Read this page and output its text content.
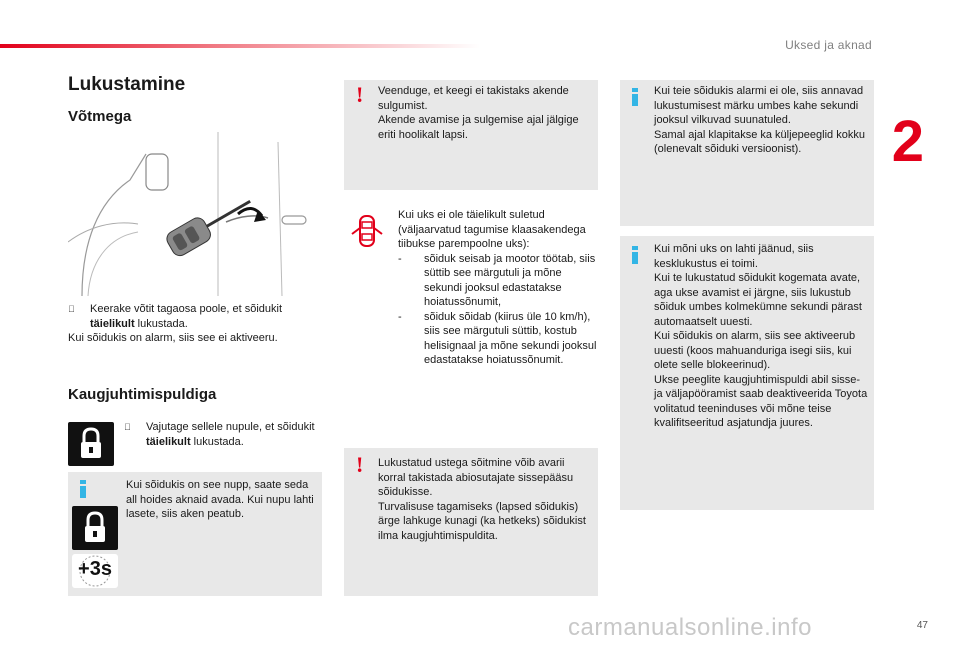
Uksed ja aknad
2
Lukustamine
Võtmega
Keerake võtit tagaosa poole, et sõidukit täielikult lukustada.
Kui sõidukis on alarm, siis see ei aktiveeru.
Kaugjuhtimispuldiga
Vajutage sellele nupule, et sõidukit täielikult lukustada.
+3s
Kui sõidukis on see nupp, saate seda all hoides aknaid avada. Kui nupu lahti lasete, siis aken peatub.
! Veenduge, et keegi ei takistaks akende sulgumist.
Akende avamise ja sulgemise ajal jälgige eriti hoolikalt lapsi.
Kui uks ei ole täielikult suletud (väljaarvatud tagumise klaasakendega tiibukse parempoolne uks):
- sõiduk seisab ja mootor töötab, siis süttib see märgutuli ja mõne sekundi jooksul edastatakse hoiatussõnumit,
- sõiduk sõidab (kiirus üle 10 km/h), siis see märgutuli süttib, kostub helisignaal ja mõne sekundi jooksul edastatakse hoiatussõnumit.
! Lukustatud ustega sõitmine võib avarii korral takistada abiosutajate sissepääsu sõidukisse.
Turvalisuse tagamiseks (lapsed sõidukis) ärge lahkuge kunagi (ka hetkeks) sõidukist ilma kaugjuhtimispuldita.
Kui teie sõidukis alarmi ei ole, siis annavad lukustumisest märku umbes kahe sekundi jooksul vilkuvad suunatuled.
Samal ajal klapitakse ka küljepeeglid kokku (olenevalt sõiduki versioonist).
Kui mõni uks on lahti jäänud, siis kesklukustus ei toimi.
Kui te lukustatud sõidukit kogemata avate, aga ukse avamist ei järgne, siis lukustub sõiduk umbes kolmekümne sekundi pärast automaatselt uuesti.
Kui sõidukis on alarm, siis see aktiveerub uuesti (koos mahuanduriga isegi siis, kui olete selle blokeerinud).
Ukse peeglite kaugjuhtimispuldi abil sisse- ja väljapööramist saab deaktiveerida Toyota volitatud teeninduses või mõne teise kvalifitseeritud asjatundja juures.
carmanualsonline.info	47
